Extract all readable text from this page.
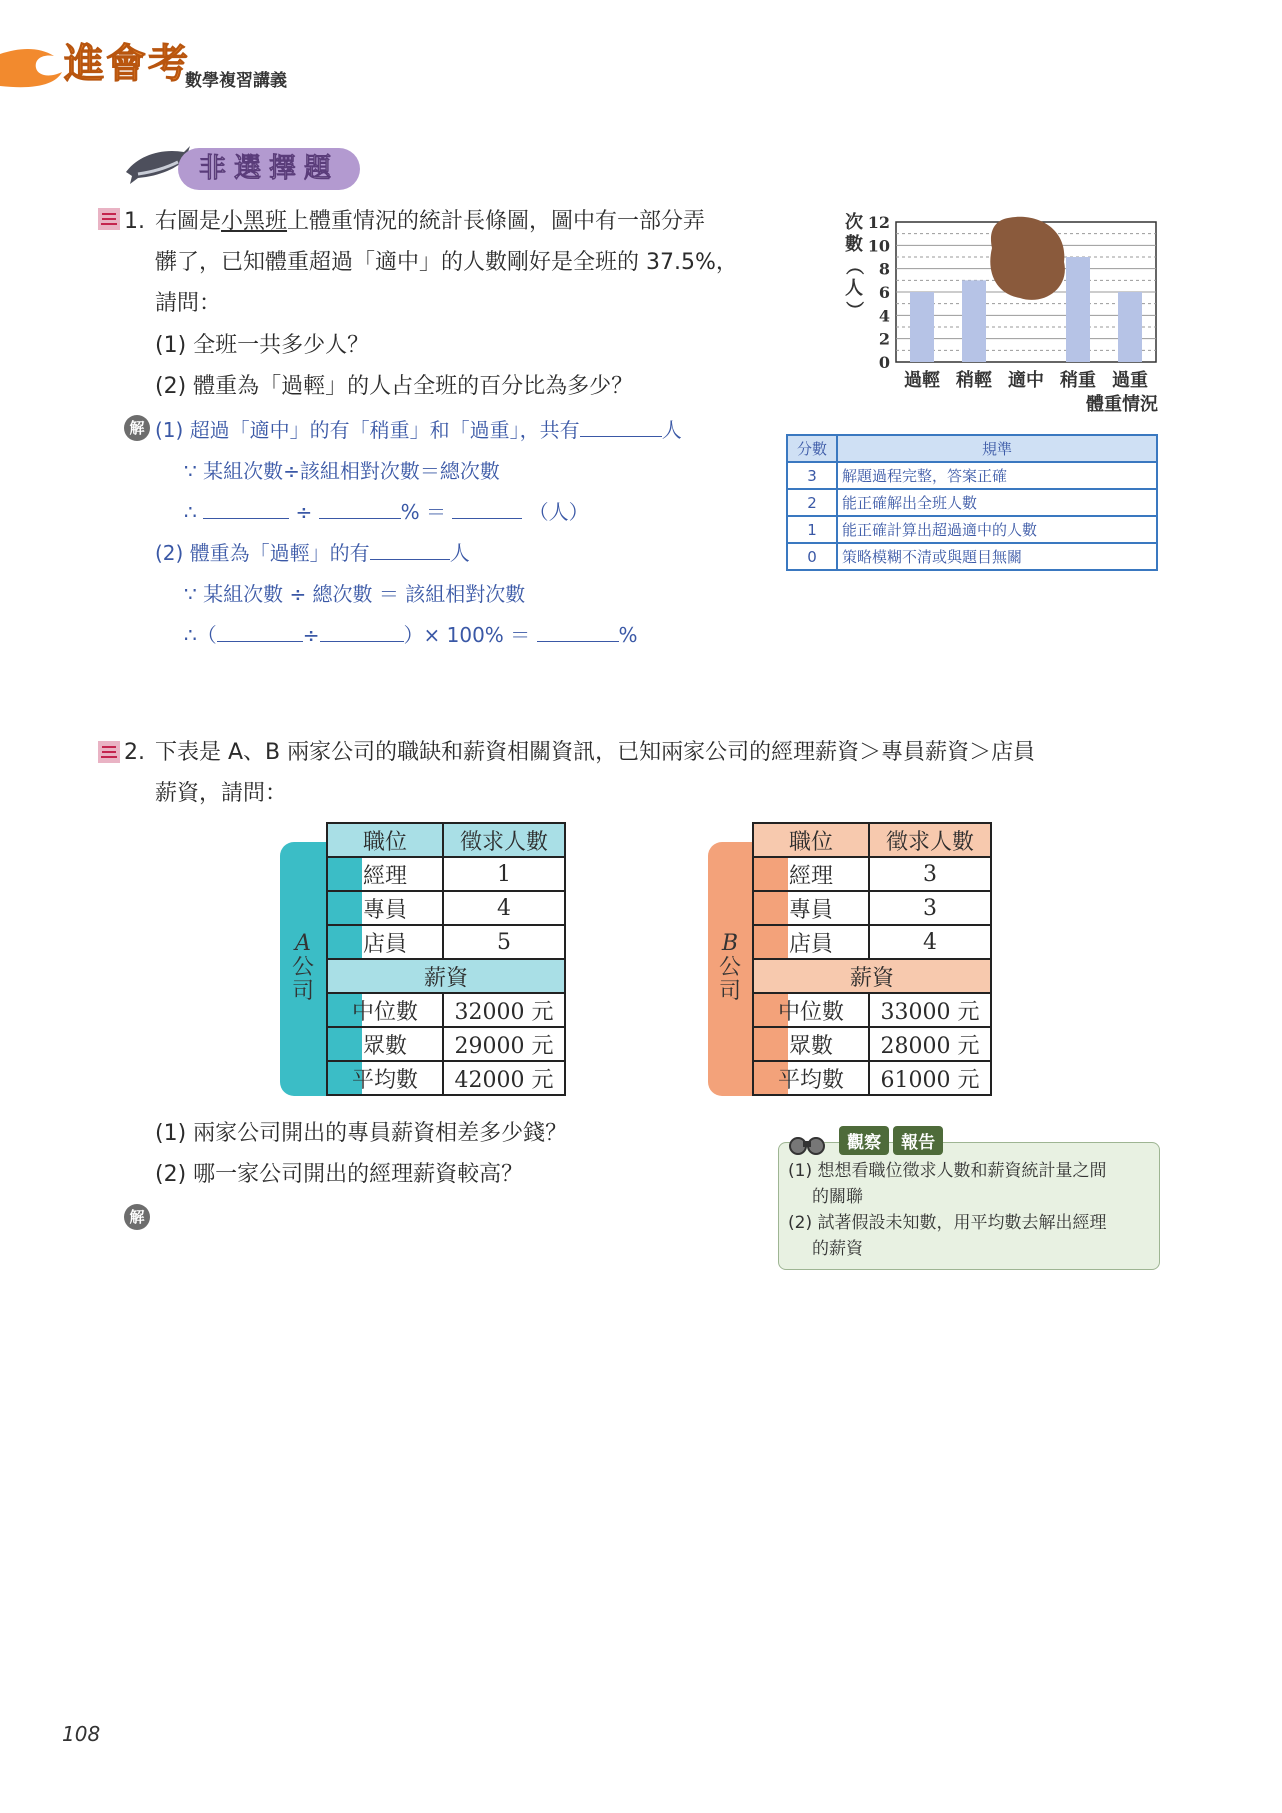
進會考
數學複習講義
非選擇題
1. 右圖是小黑班上體重情況的統計長條圖，圖中有一部分弄
髒了，已知體重超過「適中」的人數剛好是全班的 37.5%，
請問：
(1) 全班一共多少人？
(2) 體重為「過輕」的人占全班的百分比為多少？
解 (1) 超過「適中」的有「稍重」和「過重」，共有	人
∵ 某組次數÷該組相對次數＝總次數
∴	÷	% ＝	（人）
(2) 體重為「過輕」的有	人
∵ 某組次數 ÷ 總次數 ＝ 該組相對次數
∴（	÷	）× 100% ＝	%
次
數
（
人
）
0
2
4
6
8
10
12
過輕 稍輕 適中 稍重 過重
體重情況
分數	規準
3	解題過程完整，答案正確
2	能正確解出全班人數
1	能正確計算出超過適中的人數
0	策略模糊不清或與題目無關
2. 下表是 A、B 兩家公司的職缺和薪資相關資訊，已知兩家公司的經理薪資＞專員薪資＞店員
薪資，請問：
A
公司
職位	徵求人數
經理	1
專員	4
店員	5
薪資	
中位數	32000 元
眾數	29000 元
平均數	42000 元
B
公司
職位	徵求人數
經理	3
專員	3
店員	4
薪資	
中位數	33000 元
眾數	28000 元
平均數	61000 元
(1) 兩家公司開出的專員薪資相差多少錢？
(2) 哪一家公司開出的經理薪資較高？
解
觀察 報告
(1) 想想看職位徵求人數和薪資統計量之間
的關聯
(2) 試著假設未知數，用平均數去解出經理
的薪資
108
